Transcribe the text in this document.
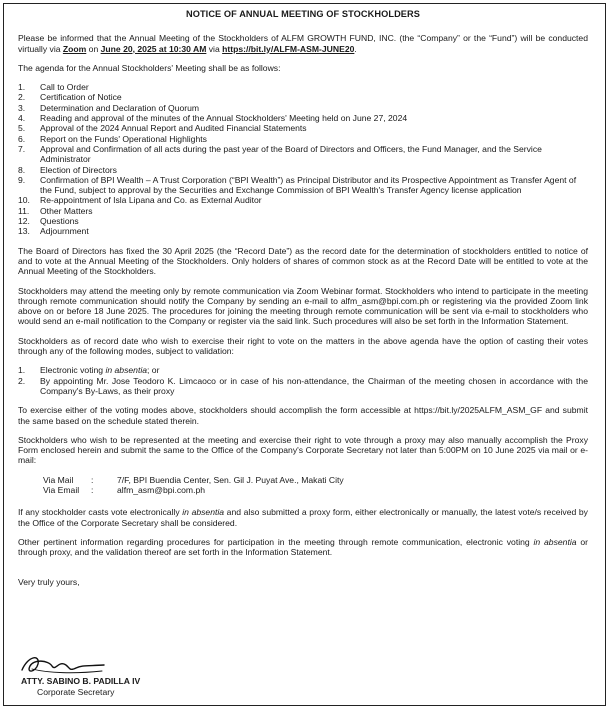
NOTICE OF ANNUAL MEETING OF STOCKHOLDERS

Please be informed that the Annual Meeting of the Stockholders of ALFM GROWTH FUND, INC. (the “Company” or the “Fund”) will be conducted virtually via Zoom on June 20, 2025 at 10:30 AM via https://bit.ly/ALFM-ASM-JUNE20.

The agenda for the Annual Stockholders' Meeting shall be as follows:

1.	Call to Order
2.	Certification of Notice
3.	Determination and Declaration of Quorum
4.	Reading and approval of the minutes of the Annual Stockholders' Meeting held on June 27, 2024
5.	Approval of the 2024 Annual Report and Audited Financial Statements
6.	Report on the Funds' Operational Highlights
7.	Approval and Confirmation of all acts during the past year of the Board of Directors and Officers, the Fund Manager, and the Service Administrator
8.	Election of Directors
9.	Confirmation of BPI Wealth – A Trust Corporation (“BPI Wealth”) as Principal Distributor and its Prospective Appointment as Transfer Agent of the Fund, subject to approval by the Securities and Exchange Commission of BPI Wealth's Transfer Agency license application
10.	Re-appointment of Isla Lipana and Co. as External Auditor
11.	Other Matters
12.	Questions
13.	Adjournment

The Board of Directors has fixed the 30 April 2025 (the “Record Date”) as the record date for the determination of stockholders entitled to notice of and to vote at the Annual Meeting of the Stockholders. Only holders of shares of common stock as at the Record Date will be entitled to vote at the Annual Meeting of the Stockholders.

Stockholders may attend the meeting only by remote communication via Zoom Webinar format. Stockholders who intend to participate in the meeting through remote communication should notify the Company by sending an e-mail to alfm_asm@bpi.com.ph or registering via the provided Zoom link above on or before 18 June 2025. The procedures for joining the meeting through remote communication will be sent via e-mail to stockholders who would send an e-mail notification to the Company or register via the said link. Such procedures will also be set forth in the Information Statement.

Stockholders as of record date who wish to exercise their right to vote on the matters in the above agenda have the option of casting their votes through any of the following modes, subject to validation:

1.	Electronic voting in absentia; or
2.	By appointing Mr. Jose Teodoro K. Limcaoco or in case of his non-attendance, the Chairman of the meeting chosen in accordance with the Company's By-Laws, as their proxy

To exercise either of the voting modes above, stockholders should accomplish the form accessible at https://bit.ly/2025ALFM_ASM_GF and submit the same based on the schedule stated therein.

Stockholders who wish to be represented at the meeting and exercise their right to vote through a proxy may also manually accomplish the Proxy Form enclosed herein and submit the same to the Office of the Company's Corporate Secretary not later than 5:00PM on 10 June 2025 via mail or e-mail:

Via Mail	:	7/F, BPI Buendia Center, Sen. Gil J. Puyat Ave., Makati City
Via Email	:	alfm_asm@bpi.com.ph

If any stockholder casts vote electronically in absentia and also submitted a proxy form, either electronically or manually, the latest vote/s received by the Office of the Corporate Secretary shall be considered.

Other pertinent information regarding procedures for participation in the meeting through remote communication, electronic voting in absentia or through proxy, and the validation thereof are set forth in the Information Statement.

Very truly yours,

ATTY. SABINO B. PADILLA IV
Corporate Secretary
